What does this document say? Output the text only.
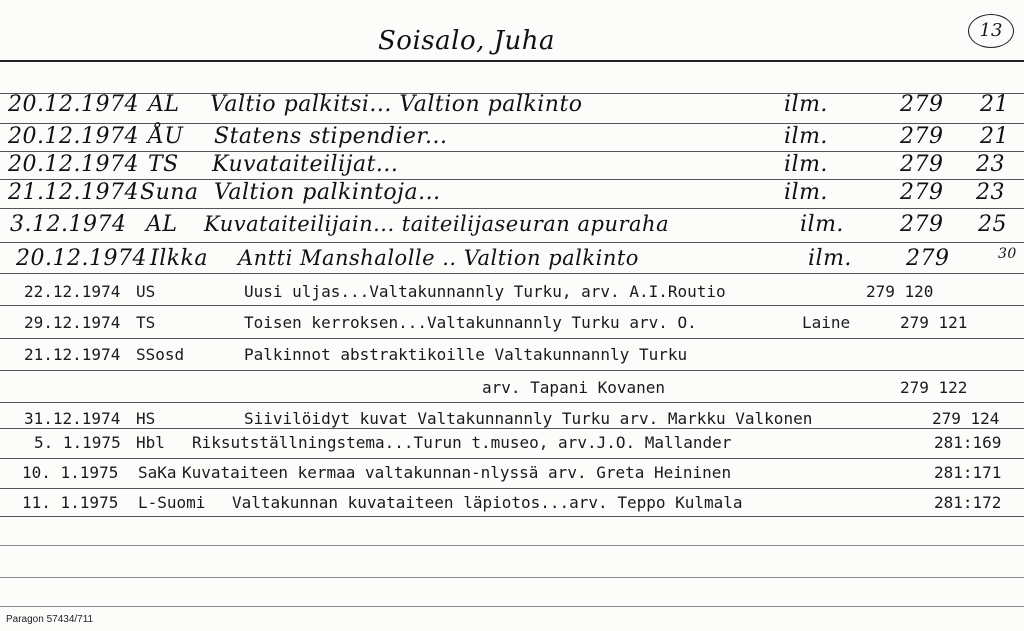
Soisalo, Juha	13
20.12.1974 AL Valtio palkitsi... Valtion palkinto	ilm.	279 21
20.12.1974 ÅU Statens stipendier...	ilm.	279 21
20.12.1974 TS Kuvataiteilijat...	ilm.	279 23
21.12.1974 Suna Valtion palkintoja...	ilm.	279 23
3.12.1974 AL Kuvataiteilijain... taiteilijaseuran apuraha	ilm.	279 25
20.12.1974 Ilkka Antti Manshalolle .. Valtion palkinto	ilm. 279	30
22.12.1974 US	Uusi uljas...Valtakunnannly Turku, arv. A.I.Routio	279 120
29.12.1974 TS	Toisen kerroksen...Valtakunnannly Turku arv. O.	Laine	279 121
21.12.1974 SSosd	Palkinnot abstraktikoille Valtakunnannly Turku
arv. Tapani Kovanen	279 122
31.12.1974 HS	Siivilöidyt kuvat Valtakunnannly Turku arv. Markku Valkonen	279 124
5. 1.1975 Hbl Riksutställningstema...Turun t.museo, arv.J.O. Mallander	281:169
10. 1.1975 SaKa Kuvataiteen kermaa valtakunnan-nlyssä arv. Greta Heininen	281:171
11. 1.1975 L-Suomi Valtakunnan kuvataiteen läpiotos...arv. Teppo Kulmala	281:172
Paragon 57434/711
